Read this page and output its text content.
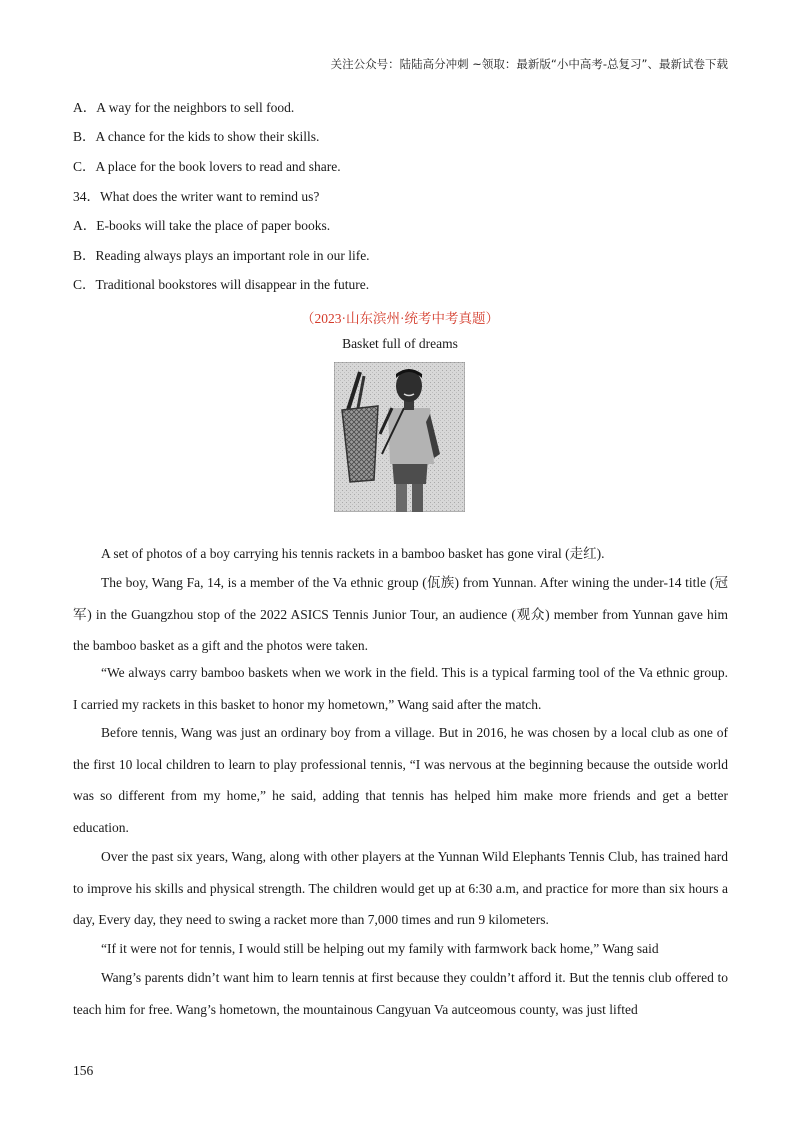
关注公众号：陆陆高分冲刺 ~领取：最新版“小中高考-总复习”、最新试卷下载
A．A way for the neighbors to sell food.
B．A chance for the kids to show their skills.
C．A place for the book lovers to read and share.
34．What does the writer want to remind us?
A．E-books will take the place of paper books.
B．Reading always plays an important role in our life.
C．Traditional bookstores will disappear in the future.
（2023·山东滨州·统考中考真题）
Basket full of dreams

A set of photos of a boy carrying his tennis rackets in a bamboo basket has gone viral (走红).

The boy, Wang Fa, 14, is a member of the Va ethnic group (佤族) from Yunnan. After wining the under-14 title (冠军) in the Guangzhou stop of the 2022 ASICS Tennis Junior Tour, an audience (观众) member from Yunnan gave him the bamboo basket as a gift and the photos were taken.

“We always carry bamboo baskets when we work in the field. This is a typical farming tool of the Va ethnic group. I carried my rackets in this basket to honor my hometown,” Wang said after the match.

Before tennis, Wang was just an ordinary boy from a village. But in 2016, he was chosen by a local club as one of the first 10 local children to learn to play professional tennis, “I was nervous at the beginning because the outside world was so different from my home,” he said, adding that tennis has helped him make more friends and get a better education.

Over the past six years, Wang, along with other players at the Yunnan Wild Elephants Tennis Club, has trained hard to improve his skills and physical strength. The children would get up at 6:30 a.m, and practice for more than six hours a day, Every day, they need to swing a racket more than 7,000 times and run 9 kilometers.

“If it were not for tennis, I would still be helping out my family with farmwork back home,” Wang said

Wang’s parents didn’t want him to learn tennis at first because they couldn’t afford it. But the tennis club offered to teach him for free. Wang’s hometown, the mountainous Cangyuan Va autceomous county, was just lifted

156
